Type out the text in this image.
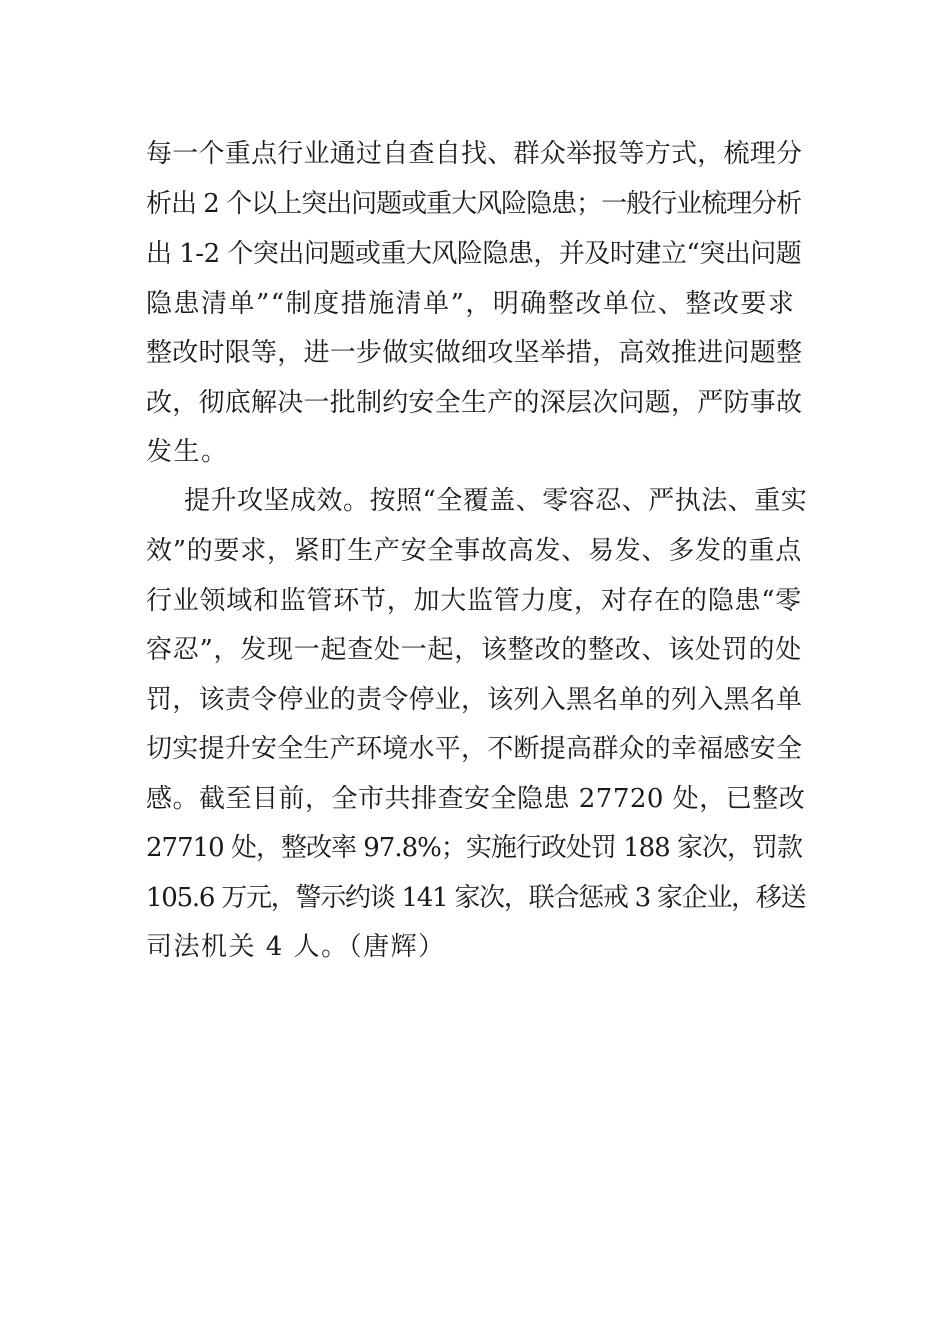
每一个重点行业通过自查自找、群众举报等方式，梳理分
析出 2 个以上突出问题或重大风险隐患；一般行业梳理分析
出 1-2 个突出问题或重大风险隐患，并及时建立“突出问题
隐患清单”“制度措施清单”，明确整改单位、整改要求
整改时限等，进一步做实做细攻坚举措，高效推进问题整
改，彻底解决一批制约安全生产的深层次问题，严防事故
发生。
提升攻坚成效。按照“全覆盖、零容忍、严执法、重实
效”的要求，紧盯生产安全事故高发、易发、多发的重点
行业领域和监管环节，加大监管力度，对存在的隐患“零
容忍”，发现一起查处一起，该整改的整改、该处罚的处
罚，该责令停业的责令停业，该列入黑名单的列入黑名单
切实提升安全生产环境水平，不断提高群众的幸福感安全
感。截至目前，全市共排查安全隐患 27720 处，已整改
27710 处，整改率 97.8%；实施行政处罚 188 家次，罚款
105.6 万元，警示约谈 141 家次，联合惩戒 3 家企业，移送
司法机关 4 人。（唐辉）
